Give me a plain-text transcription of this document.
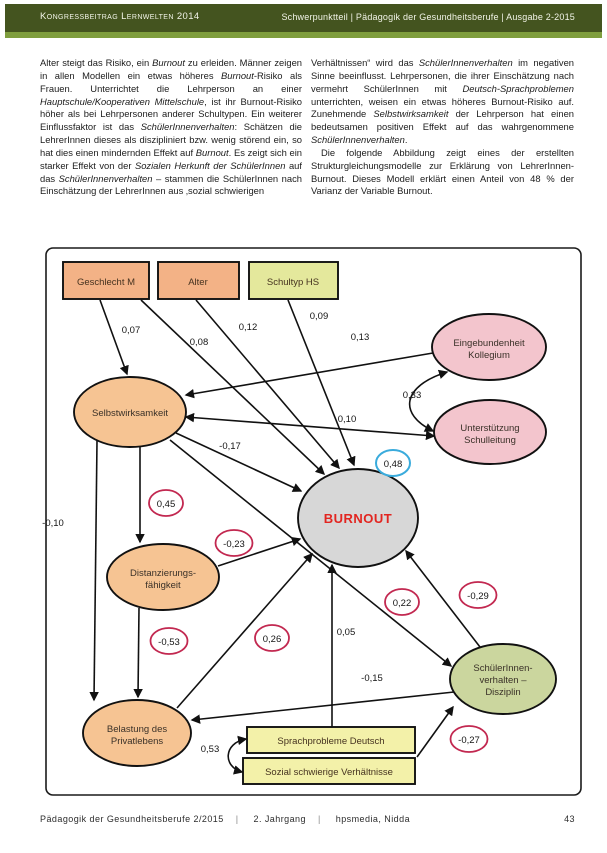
Kongressbeitrag Lernwelten 2014	Schwerpunktteil | Pädagogik der Gesundheitsberufe | Ausgabe 2-2015

Alter steigt das Risiko, ein Burnout zu erleiden. Männer zeigen in allen Modellen ein etwas höheres Burnout-Risiko als Frauen. Unterrichtet die Lehrperson an einer Hauptschule/Kooperativen Mittelschule, ist ihr Burnout-Risiko höher als bei Lehrpersonen anderer Schultypen. Ein weiterer Einflussfaktor ist das SchülerInnenverhalten: Schätzen die LehrerInnen dieses als diszipliniert bzw. wenig störend ein, so hat dies einen mindernden Effekt auf Burnout. Es zeigt sich ein starker Effekt von der Sozialen Herkunft der SchülerInnen auf das SchülerInnenverhalten – stammen die SchülerInnen nach Einschätzung der LehrerInnen aus ‚sozial schwierigen

Verhältnissen“ wird das SchülerInnenverhalten im negativen Sinne beeinflusst. Lehrpersonen, die ihrer Einschätzung nach vermehrt SchülerInnen mit Deutsch-Sprachproblemen unterrichten, weisen ein etwas höheres Burnout-Risiko auf. Zunehmende Selbstwirksamkeit der Lehrperson hat einen bedeutsamen positiven Effekt auf das wahrgenommene SchülerInnenverhalten.

Die folgende Abbildung zeigt eines der erstellten Strukturgleichungsmodelle zur Erklärung von LehrerInnen-Burnout. Dieses Modell erklärt einen Anteil von 48 % der Varianz der Variable Burnout.

Geschlecht M	Alter	Schultyp HS
Eingebundenheit
Kollegium
Unterstützung
Schulleitung
Selbstwirksamkeit
BURNOUT
Distanzierungs-
fähigkeit
Belastung des
Privatlebens
SchülerInnen-
verhalten –
Disziplin
Sprachprobleme Deutsch
Sozial schwierige Verhältnisse
0,07
0,08
0,12
0,09
0,13
0,10
0,33
-0,17
-0,10
0,05
-0,15
0,53
0,45
-0,23
-0,53	0,26
0,22
-0,29
-0,27
0,48
Pädagogik der Gesundheitsberufe 2/2015 | 2. Jahrgang | hpsmedia, Nidda	43
